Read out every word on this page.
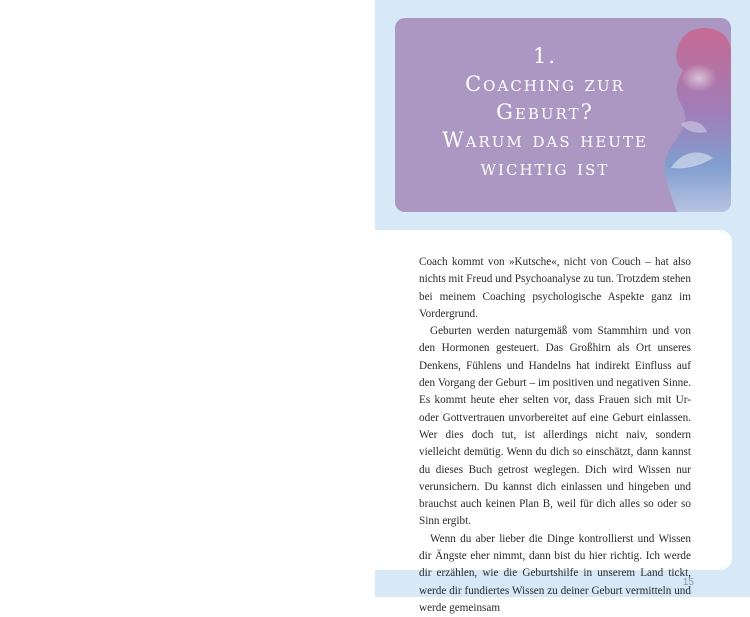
1.
Coaching zur
Geburt?
Warum das heute
wichtig ist

Coach kommt von »Kutsche«, nicht von Couch – hat also nichts mit Freud und Psychoanalyse zu tun. Trotzdem stehen bei meinem Coaching psychologische Aspekte ganz im Vordergrund.

Geburten werden naturgemäß vom Stammhirn und von den Hormonen gesteuert. Das Großhirn als Ort unseres Denkens, Fühlens und Handelns hat indirekt Einfluss auf den Vorgang der Geburt – im positiven und negativen Sinne. Es kommt heute eher selten vor, dass Frauen sich mit Ur- oder Gottvertrauen unvorbereitet auf eine Geburt einlassen. Wer dies doch tut, ist allerdings nicht naiv, sondern vielleicht demütig. Wenn du dich so einschätzt, dann kannst du dieses Buch getrost weglegen. Dich wird Wissen nur verunsichern. Du kannst dich einlassen und hingeben und brauchst auch keinen Plan B, weil für dich alles so oder so Sinn ergibt.

Wenn du aber lieber die Dinge kontrollierst und Wissen dir Ängste eher nimmt, dann bist du hier richtig. Ich werde dir erzählen, wie die Geburtshilfe in unserem Land tickt, werde dir fundiertes Wissen zu deiner Geburt vermitteln und werde gemeinsam

15
